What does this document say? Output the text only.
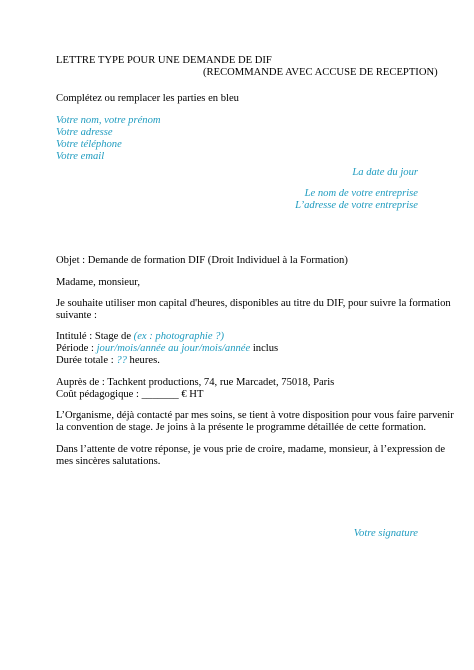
LETTRE TYPE POUR UNE DEMANDE DE DIF
(RECOMMANDE AVEC ACCUSE DE RECEPTION)
Complétez ou remplacer les parties en bleu
Votre nom, votre prénom
Votre adresse
Votre téléphone
Votre email
La date du jour
Le nom de votre entreprise
L’adresse de votre entreprise
Objet : Demande de formation DIF (Droit Individuel à la Formation)
Madame, monsieur,
Je souhaite utiliser mon capital d'heures, disponibles au titre du DIF, pour suivre la formation
suivante :
Intitulé : Stage de (ex : photographie ?)
Période : jour/mois/année au jour/mois/année inclus
Durée totale : ?? heures.
Auprès de : Tachkent productions, 74, rue Marcadet, 75018, Paris
Coût pédagogique : _______ € HT
L’Organisme, déjà contacté par mes soins, se tient à votre disposition pour vous faire parvenir
la convention de stage. Je joins à la présente le programme détaillée de cette formation.
Dans l’attente de votre réponse, je vous prie de croire, madame, monsieur, à l’expression de
mes sincères salutations.
Votre signature
